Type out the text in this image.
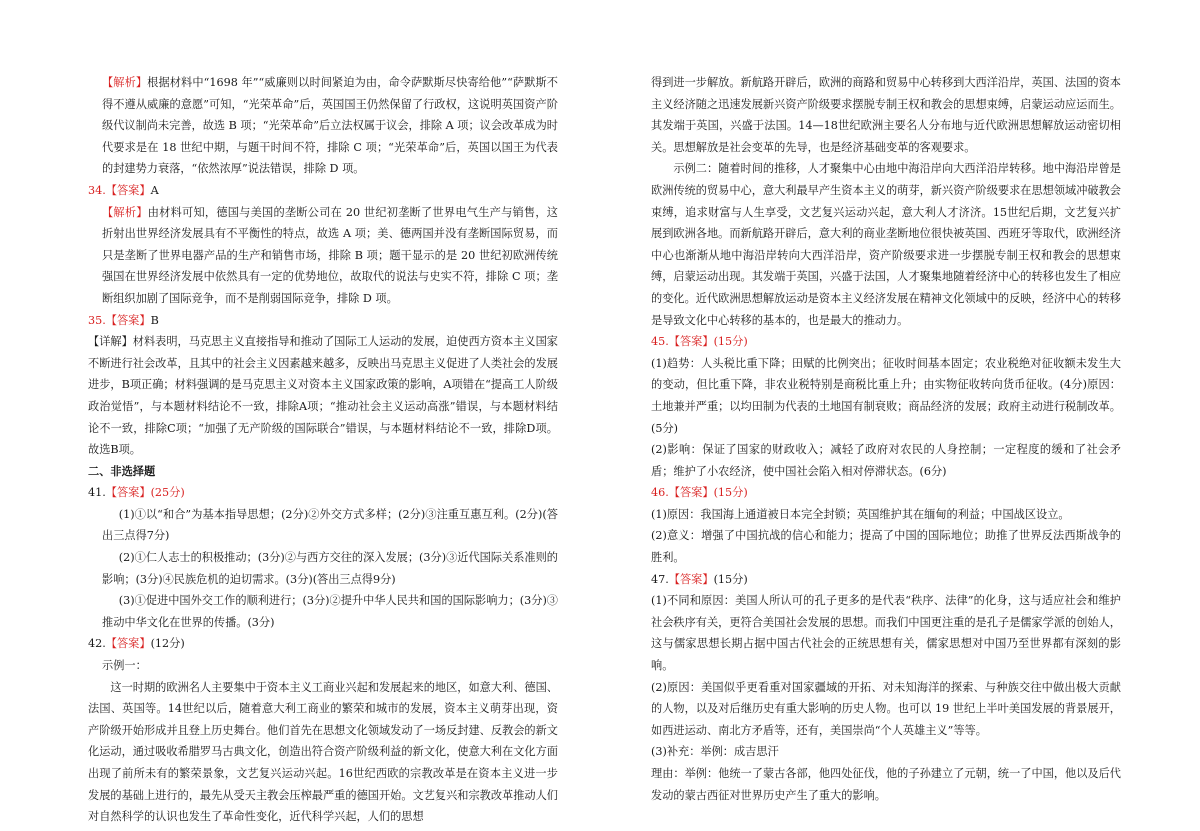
【解析】根据材料中“1698 年”“威廉则以时间紧迫为由，命令萨默斯尽快寄给他”“萨默斯不得不遵从威廉的意愿”可知，“光荣革命”后，英国国王仍然保留了行政权，这说明英国资产阶级代议制尚未完善，故选 B 项；“光荣革命”后立法权属于议会，排除 A 项；议会改革成为时代要求是在 18 世纪中期，与题干时间不符，排除 C 项；“光荣革命”后，英国以国王为代表的封建势力衰落，“依然浓厚”说法错误，排除 D 项。

34.【答案】A

【解析】由材料可知，德国与美国的垄断公司在 20 世纪初垄断了世界电气生产与销售，这折射出世界经济发展具有不平衡性的特点，故选 A 项；美、德两国并没有垄断国际贸易，而只是垄断了世界电器产品的生产和销售市场，排除 B 项；题干显示的是 20 世纪初欧洲传统强国在世界经济发展中依然具有一定的优势地位，故取代的说法与史实不符，排除 C 项；垄断组织加剧了国际竞争，而不是削弱国际竞争，排除 D 项。

35.【答案】B

【详解】材料表明，马克思主义直接指导和推动了国际工人运动的发展，迫使西方资本主义国家不断进行社会改革，且其中的社会主义因素越来越多，反映出马克思主义促进了人类社会的发展进步，B项正确；材料强调的是马克思主义对资本主义国家政策的影响，A项错在“提高工人阶级政治觉悟”，与本题材料结论不一致，排除A项；“推动社会主义运动高涨”错误，与本题材料结论不一致，排除C项；“加强了无产阶级的国际联合”错误，与本题材料结论不一致，排除D项。故选B项。

二、非选择题

41.【答案】(25分)

(1)①以“和合”为基本指导思想；(2分)②外交方式多样；(2分)③注重互惠互利。(2分)(答出三点得7分)

(2)①仁人志士的积极推动；(3分)②与西方交往的深入发展；(3分)③近代国际关系准则的影响；(3分)④民族危机的迫切需求。(3分)(答出三点得9分)

(3)①促进中国外交工作的顺利进行；(3分)②提升中华人民共和国的国际影响力；(3分)③推动中华文化在世界的传播。(3分)

42.【答案】(12分)

示例一：

这一时期的欧洲名人主要集中于资本主义工商业兴起和发展起来的地区，如意大利、德国、法国、英国等。14世纪以后，随着意大利工商业的繁荣和城市的发展，资本主义萌芽出现，资产阶级开始形成并且登上历史舞台。他们首先在思想文化领域发动了一场反封建、反教会的新文化运动，通过吸收希腊罗马古典文化，创造出符合资产阶级利益的新文化，使意大利在文化方面出现了前所未有的繁荣景象，文艺复兴运动兴起。16世纪西欧的宗教改革是在资本主义进一步发展的基础上进行的，最先从受天主教会压榨最严重的德国开始。文艺复兴和宗教改革推动人们对自然科学的认识也发生了革命性变化，近代科学兴起，人们的思想

得到进一步解放。新航路开辟后，欧洲的商路和贸易中心转移到大西洋沿岸，英国、法国的资本主义经济随之迅速发展新兴资产阶级要求摆脱专制王权和教会的思想束缚，启蒙运动应运而生。其发端于英国，兴盛于法国。14—18世纪欧洲主要名人分布地与近代欧洲思想解放运动密切相关。思想解放是社会变革的先导，也是经济基础变革的客观要求。

示例二：随着时间的推移，人才聚集中心由地中海沿岸向大西洋沿岸转移。地中海沿岸曾是欧洲传统的贸易中心，意大利最早产生资本主义的萌芽，新兴资产阶级要求在思想领域冲破教会束缚，追求财富与人生享受，文艺复兴运动兴起，意大利人才济济。15世纪后期，文艺复兴扩展到欧洲各地。而新航路开辟后，意大利的商业垄断地位很快被英国、西班牙等取代，欧洲经济中心也渐渐从地中海沿岸转向大西洋沿岸，资产阶级要求进一步摆脱专制王权和教会的思想束缚，启蒙运动出现。其发端于英国，兴盛于法国，人才聚集地随着经济中心的转移也发生了相应的变化。近代欧洲思想解放运动是资本主义经济发展在精神文化领域中的反映，经济中心的转移是导致文化中心转移的基本的，也是最大的推动力。

45.【答案】(15分)

(1)趋势：人头税比重下降；田赋的比例突出；征收时间基本固定；农业税绝对征收额未发生大的变动，但比重下降，非农业税特别是商税比重上升；由实物征收转向货币征收。(4分)原因：土地兼并严重；以均田制为代表的土地国有制衰败；商品经济的发展；政府主动进行税制改革。(5分)

(2)影响：保证了国家的财政收入；减轻了政府对农民的人身控制；一定程度的缓和了社会矛盾；维护了小农经济，使中国社会陷入相对停滞状态。(6分)

46.【答案】(15分)

(1)原因：我国海上通道被日本完全封锁；英国维护其在缅甸的利益；中国战区设立。

(2)意义：增强了中国抗战的信心和能力；提高了中国的国际地位；助推了世界反法西斯战争的胜利。

47.【答案】(15分)

(1)不同和原因：美国人所认可的孔子更多的是代表“秩序、法律”的化身，这与适应社会和维护社会秩序有关，更符合美国社会发展的思想。而我们中国更注重的是孔子是儒家学派的创始人，这与儒家思想长期占据中国古代社会的正统思想有关，儒家思想对中国乃至世界都有深刻的影响。

(2)原因：美国似乎更看重对国家疆域的开拓、对未知海洋的探索、与种族交往中做出极大贡献的人物，以及对后继历史有重大影响的历史人物。也可以 19 世纪上半叶美国发展的背景展开，如西进运动、南北方矛盾等，还有，美国崇尚“个人英雄主义”等等。

(3)补充：举例：成吉思汗

理由：举例：他统一了蒙古各部，他四处征伐，他的子孙建立了元朝，统一了中国，他以及后代发动的蒙古西征对世界历史产生了重大的影响。
